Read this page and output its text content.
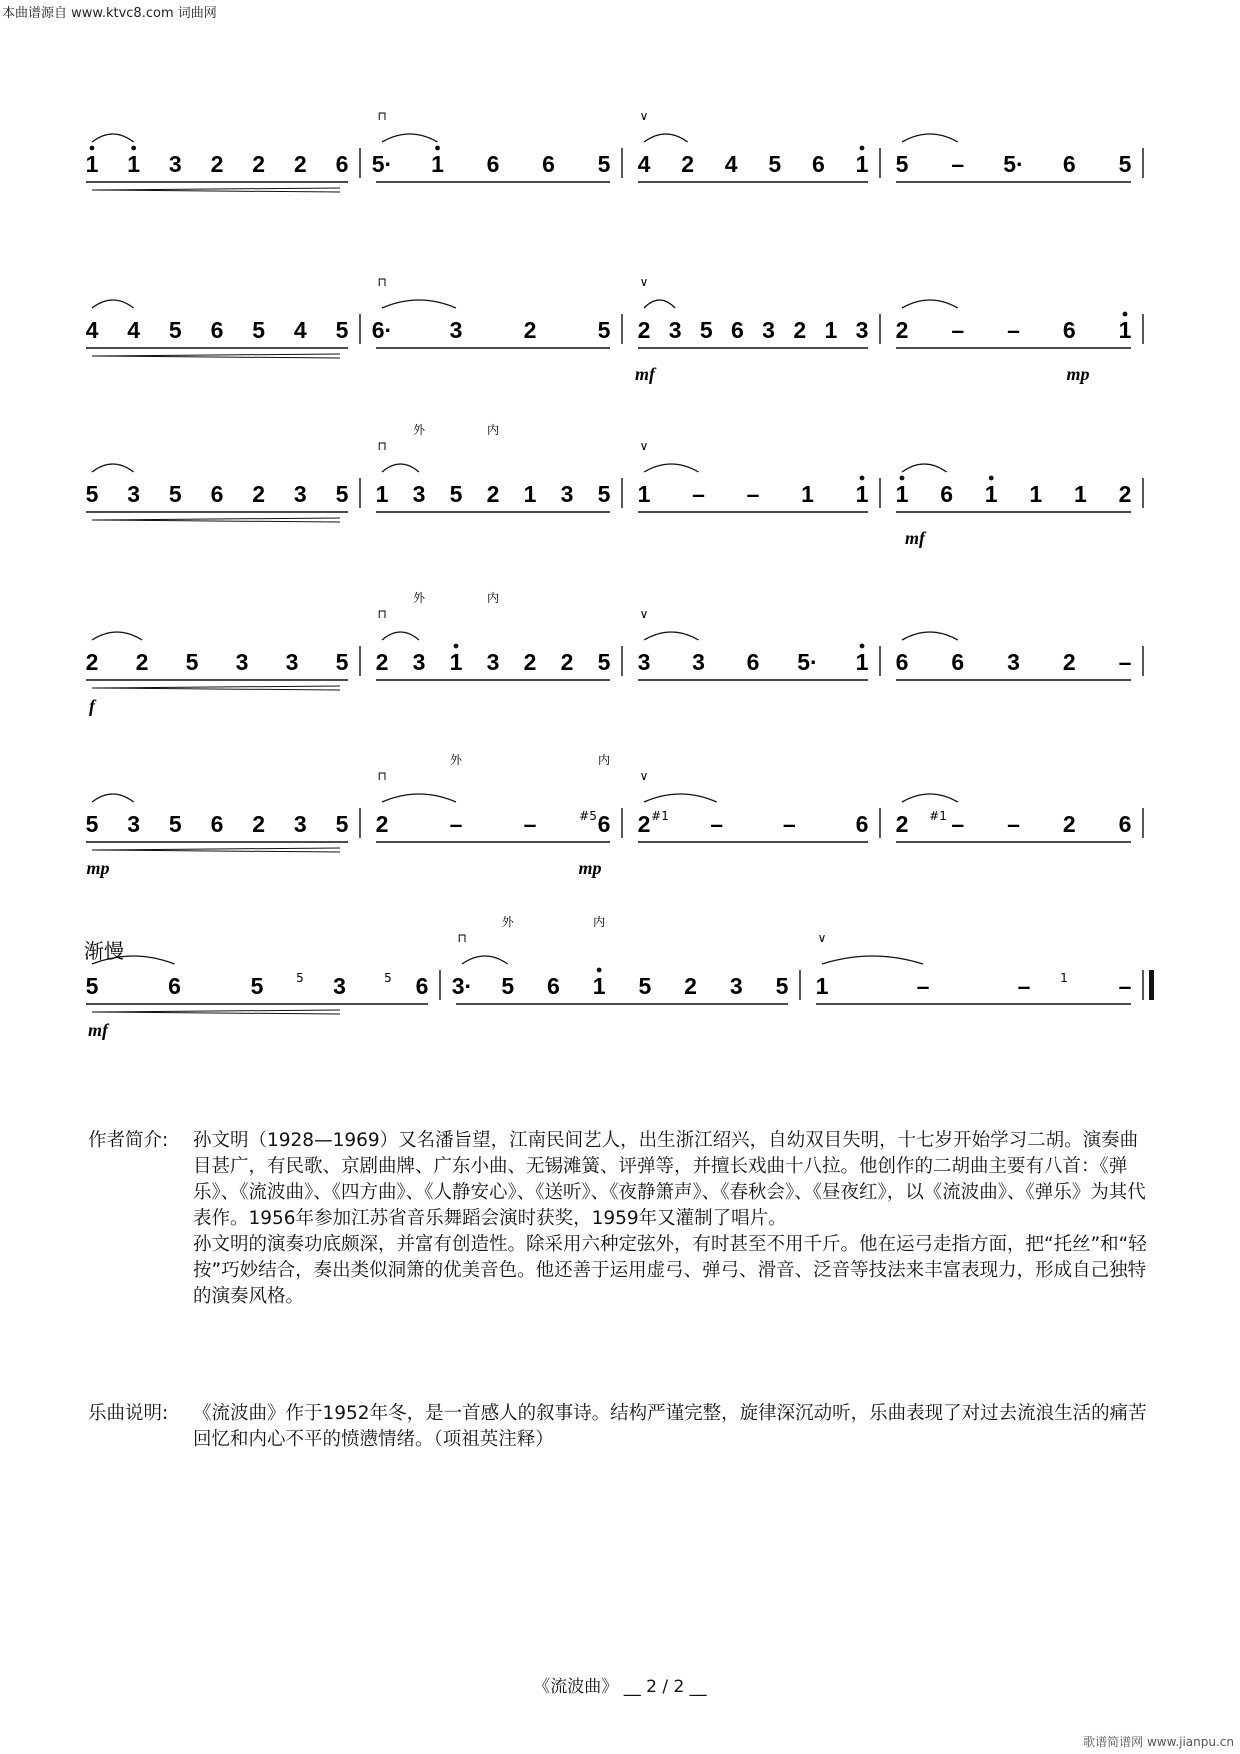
本曲谱源自 www.ktvc8.com 词曲网
1 1 3 2 2 2 6 5· 1 6 6 5
⊓
4 2 4 5 6 1
∨
5 – 5· 6 5
4 4 5 6 5 4 5 6· 3	2	5
⊓
2 3 5 6 3 2 1 3
∨
2 – – 6 1
mf	mp
5 3 5 6 2 3 5 1 3 5 2 1 3 5
⊓
外	内
1 – – 1 1
∨
1 6 1 1 1 2
mf
2 2 5 3 3 5 2 3 1 3 2 2 5
⊓
外	内
3 3 6 5· 1
∨
6 6 3 2 –
f
5 3 5 6 2 3 5 2	–	–	6
⊓
外	内
2	–	–	6
∨
2 – – 2 6
mp	mp
5	6	5	3	6 3· 5 6 1 5 2 3 5
⊓
外	内
1	–	–	–
∨
mf
#5	#1	#1
5	5	1
渐慢
作者简介: 孙文明（1928—1969）又名潘旨望，江南民间艺人，出生浙江绍兴，自幼双目失明，十七岁开始学习二胡。演奏曲目甚广，有民歌、京剧曲牌、广东小曲、无锡滩簧、评弹等，并擅长戏曲十八拉。他创作的二胡曲主要有八首：《弹乐》、《流波曲》、《四方曲》、《人静安心》、《送听》、《夜静箫声》、《春秋会》、《昼夜红》，以《流波曲》、《弹乐》为其代表作。1956年参加江苏省音乐舞蹈会演时获奖，1959年又灌制了唱片。

孙文明的演奏功底颇深，并富有创造性。除采用六种定弦外，有时甚至不用千斤。他在运弓走指方面，把“托丝”和“轻按”巧妙结合，奏出类似洞箫的优美音色。他还善于运用虚弓、弹弓、滑音、泛音等技法来丰富表现力，形成自己独特的演奏风格。

乐曲说明: 《流波曲》作于1952年冬，是一首感人的叙事诗。结构严谨完整，旋律深沉动听，乐曲表现了对过去流浪生活的痛苦回忆和内心不平的愤懑情绪。（项祖英注释）

《流波曲》 __ 2 / 2 __
歌谱简谱网 www.jianpu.cn
